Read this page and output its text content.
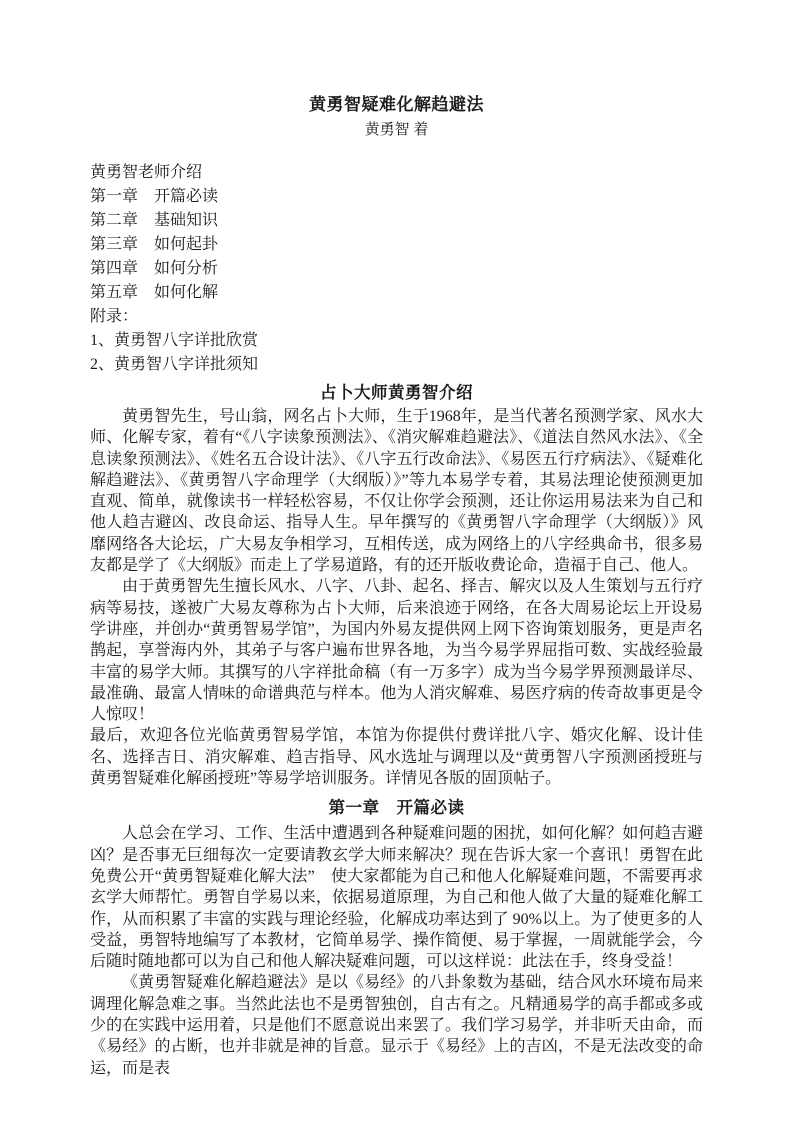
黄勇智疑难化解趋避法
黄勇智 着
黄勇智老师介绍
第一章　开篇必读
第二章　基础知识
第三章　如何起卦
第四章　如何分析
第五章　如何化解
附录：
1、黄勇智八字详批欣赏
2、黄勇智八字详批须知
占卜大师黄勇智介绍

黄勇智先生，号山翁，网名占卜大师，生于1968年，是当代著名预测学家、风水大师、化解专家，着有“《八字读象预测法》、《消灾解难趋避法》、《道法自然风水法》、《全息读象预测法》、《姓名五合设计法》、《八字五行改命法》、《易医五行疗病法》、《疑难化解趋避法》、《黄勇智八字命理学（大纲版）》”等九本易学专着，其易法理论使预测更加直观、简单，就像读书一样轻松容易，不仅让你学会预测，还让你运用易法来为自己和他人趋吉避凶、改良命运、指导人生。早年撰写的《黄勇智八字命理学（大纲版）》风靡网络各大论坛，广大易友争相学习，互相传送，成为网络上的八字经典命书，很多易友都是学了《大纲版》而走上了学易道路，有的还开版收费论命，造福于自己、他人。

由于黄勇智先生擅长风水、八字、八卦、起名、择吉、解灾以及人生策划与五行疗病等易技，遂被广大易友尊称为占卜大师，后来浪迹于网络，在各大周易论坛上开设易学讲座，并创办“黄勇智易学馆”，为国内外易友提供网上网下咨询策划服务，更是声名鹊起，享誉海内外，其弟子与客户遍布世界各地，为当今易学界屈指可数、实战经验最丰富的易学大师。其撰写的八字祥批命稿（有一万多字）成为当今易学界预测最详尽、最准确、最富人情味的命谱典范与样本。他为人消灾解难、易医疗病的传奇故事更是令人惊叹！

最后，欢迎各位光临黄勇智易学馆，本馆为你提供付费详批八字、婚灾化解、设计佳名、选择吉日、消灾解难、趋吉指导、风水选址与调理以及“黄勇智八字预测函授班与黄勇智疑难化解函授班”等易学培训服务。详情见各版的固顶帖子。

第一章　开篇必读

人总会在学习、工作、生活中遭遇到各种疑难问题的困扰，如何化解？如何趋吉避凶？是否事无巨细每次一定要请教玄学大师来解决？现在告诉大家一个喜讯！勇智在此免费公开“黄勇智疑难化解大法”　使大家都能为自己和他人化解疑难问题，不需要再求玄学大师帮忙。勇智自学易以来，依据易道原理，为自己和他人做了大量的疑难化解工作，从而积累了丰富的实践与理论经验，化解成功率达到了 90%以上。为了使更多的人受益，勇智特地编写了本教材，它简单易学、操作简便、易于掌握，一周就能学会，今后随时随地都可以为自己和他人解决疑难问题，可以这样说：此法在手，终身受益！

《黄勇智疑难化解趋避法》是以《易经》的八卦象数为基础，结合风水环境布局来调理化解急难之事。当然此法也不是勇智独创，自古有之。凡精通易学的高手都或多或少的在实践中运用着，只是他们不愿意说出来罢了。我们学习易学，并非听天由命，而《易经》的占断，也并非就是神的旨意。显示于《易经》上的吉凶，不是无法改变的命运，而是表
